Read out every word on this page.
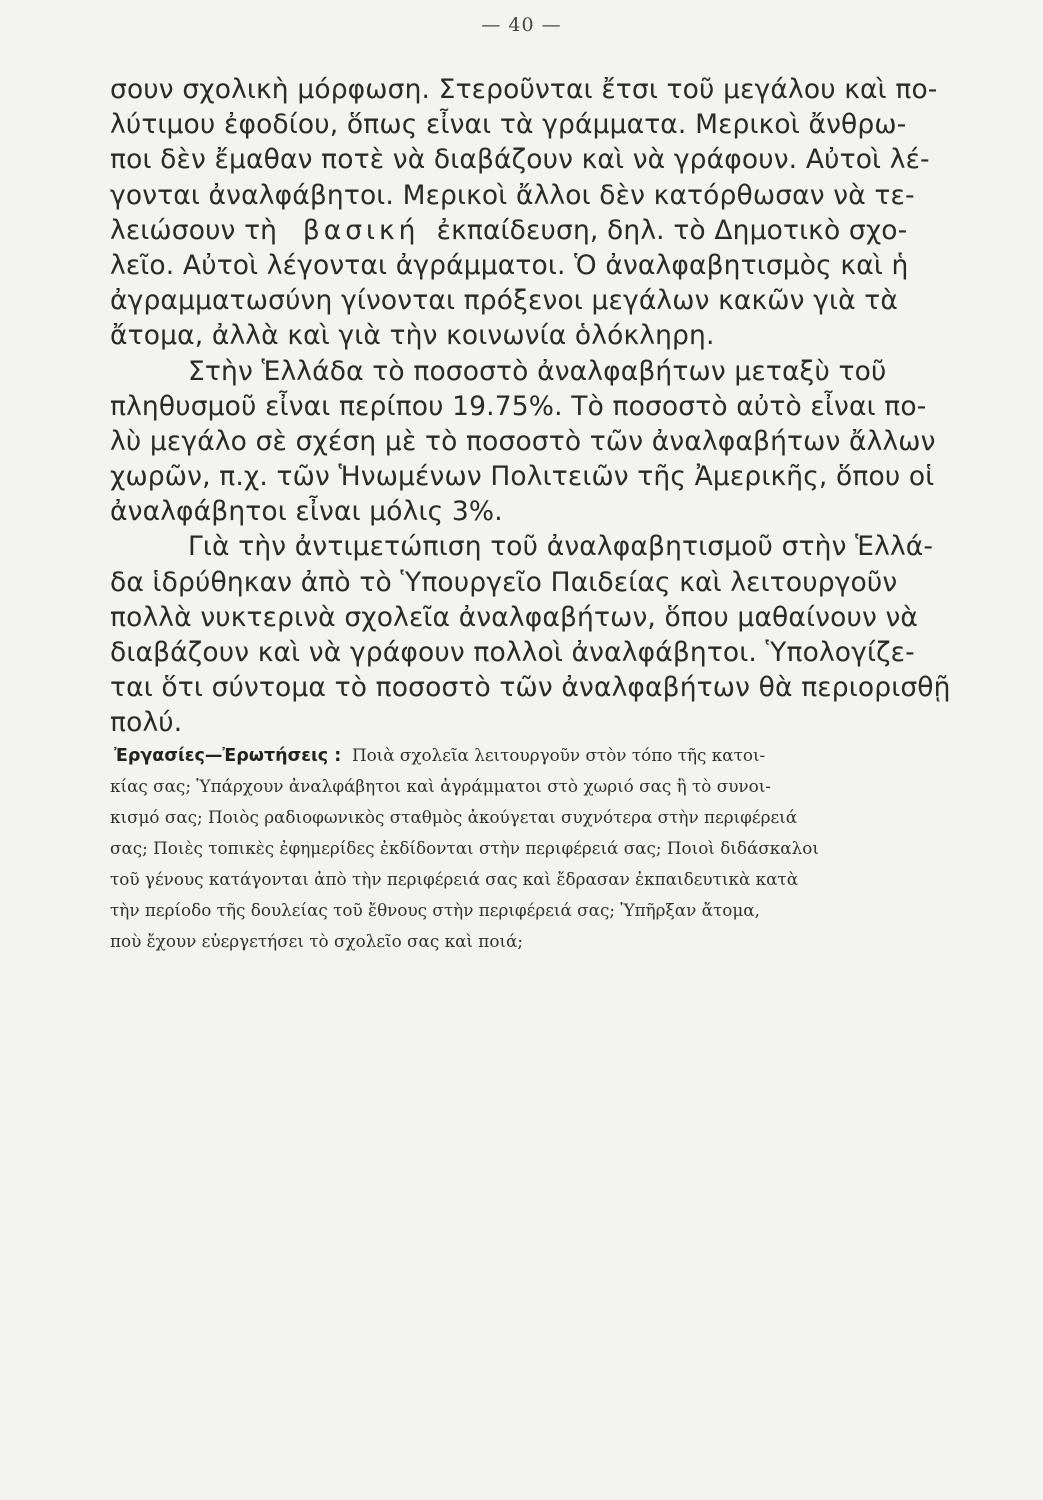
— 40 —
σουν σχολικὴ μόρφωση. Στεροῦνται ἔτσι τοῦ μεγάλου καὶ πο-
λύτιμου ἐφοδίου, ὅπως εἶναι τὰ γράμματα. Μερικοὶ ἄνθρω-
ποι δὲν ἔμαθαν ποτὲ νὰ διαβάζουν καὶ νὰ γράφουν. Αὐτοὶ λέ-
γονται ἀναλφάβητοι. Μερικοὶ ἄλλοι δὲν κατόρθωσαν νὰ τε-
λειώσουν τὴ βασική ἐκπαίδευση, δηλ. τὸ Δημοτικὸ σχο-
λεῖο. Αὐτοὶ λέγονται ἀγράμματοι. Ὁ ἀναλφαβητισμὸς καὶ ἡ
ἀγραμματωσύνη γίνονται πρόξενοι μεγάλων κακῶν γιὰ τὰ
ἄτομα, ἀλλὰ καὶ γιὰ τὴν κοινωνία ὁλόκληρη.
Στὴν Ἑλλάδα τὸ ποσοστὸ ἀναλφαβήτων μεταξὺ τοῦ
πληθυσμοῦ εἶναι περίπου 19.75%. Τὸ ποσοστὸ αὐτὸ εἶναι πο-
λὺ μεγάλο σὲ σχέση μὲ τὸ ποσοστὸ τῶν ἀναλφαβήτων ἄλλων
χωρῶν, π.χ. τῶν Ἡνωμένων Πολιτειῶν τῆς Ἀμερικῆς, ὅπου οἱ
ἀναλφάβητοι εἶναι μόλις 3%.
Γιὰ τὴν ἀντιμετώπιση τοῦ ἀναλφαβητισμοῦ στὴν Ἑλλά-
δα ἱδρύθηκαν ἀπὸ τὸ Ὑπουργεῖο Παιδείας καὶ λειτουργοῦν
πολλὰ νυκτερινὰ σχολεῖα ἀναλφαβήτων, ὅπου μαθαίνουν νὰ
διαβάζουν καὶ νὰ γράφουν πολλοὶ ἀναλφάβητοι. Ὑπολογίζε-
ται ὅτι σύντομα τὸ ποσοστὸ τῶν ἀναλφαβήτων θὰ περιορισθῇ
πολύ.
Ἐργασίες—Ἐρωτήσεις : Ποιὰ σχολεῖα λειτουργοῦν στὸν τόπο τῆς κατοι-
κίας σας; Ὑπάρχουν ἀναλφάβητοι καὶ ἀγράμματοι στὸ χωριό σας ἢ τὸ συνοι-
κισμό σας; Ποιὸς ραδιοφωνικὸς σταθμὸς ἀκούγεται συχνότερα στὴν περιφέρειά
σας; Ποιὲς τοπικὲς ἐφημερίδες ἐκδίδονται στὴν περιφέρειά σας; Ποιοὶ διδάσκαλοι
τοῦ γένους κατάγονται ἀπὸ τὴν περιφέρειά σας καὶ ἔδρασαν ἐκπαιδευτικὰ κατὰ
τὴν περίοδο τῆς δουλείας τοῦ ἔθνους στὴν περιφέρειά σας; Ὑπῆρξαν ἄτομα,
ποὺ ἔχουν εὐεργετήσει τὸ σχολεῖο σας καὶ ποιά;
